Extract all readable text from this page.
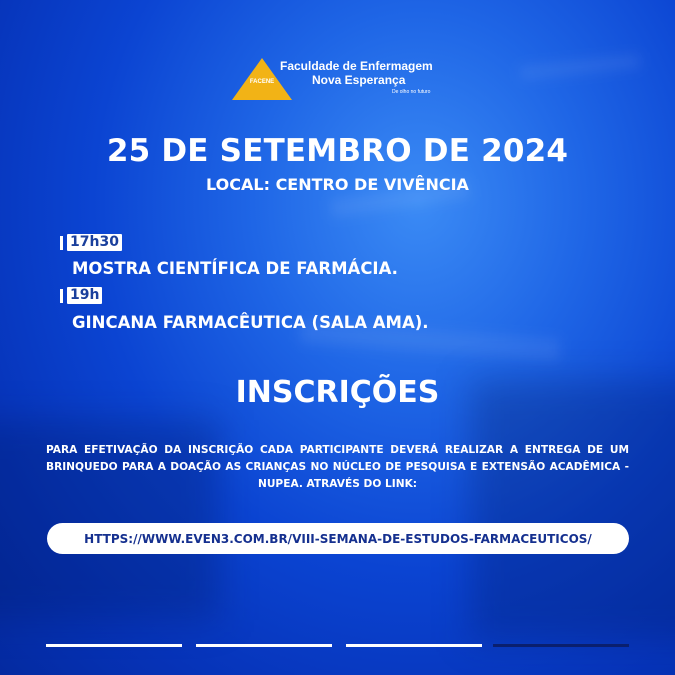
FACENE
Faculdade de Enfermagem
Nova Esperança
De olho no futuro
25 DE SETEMBRO DE 2024
LOCAL: CENTRO DE VIVÊNCIA
17h30
MOSTRA CIENTÍFICA DE FARMÁCIA.
19h
GINCANA FARMACÊUTICA (SALA AMA).
INSCRIÇÕES
PARA EFETIVAÇÃO DA INSCRIÇÃO CADA PARTICIPANTE DEVERÁ REALIZAR A ENTREGA DE UM BRINQUEDO PARA A DOAÇÃO AS CRIANÇAS NO NÚCLEO DE PESQUISA E EXTENSÃO ACADÊMICA - NUPEA. ATRAVÉS DO LINK:
HTTPS://WWW.EVEN3.COM.BR/VIII-SEMANA-DE-ESTUDOS-FARMACEUTICOS/
